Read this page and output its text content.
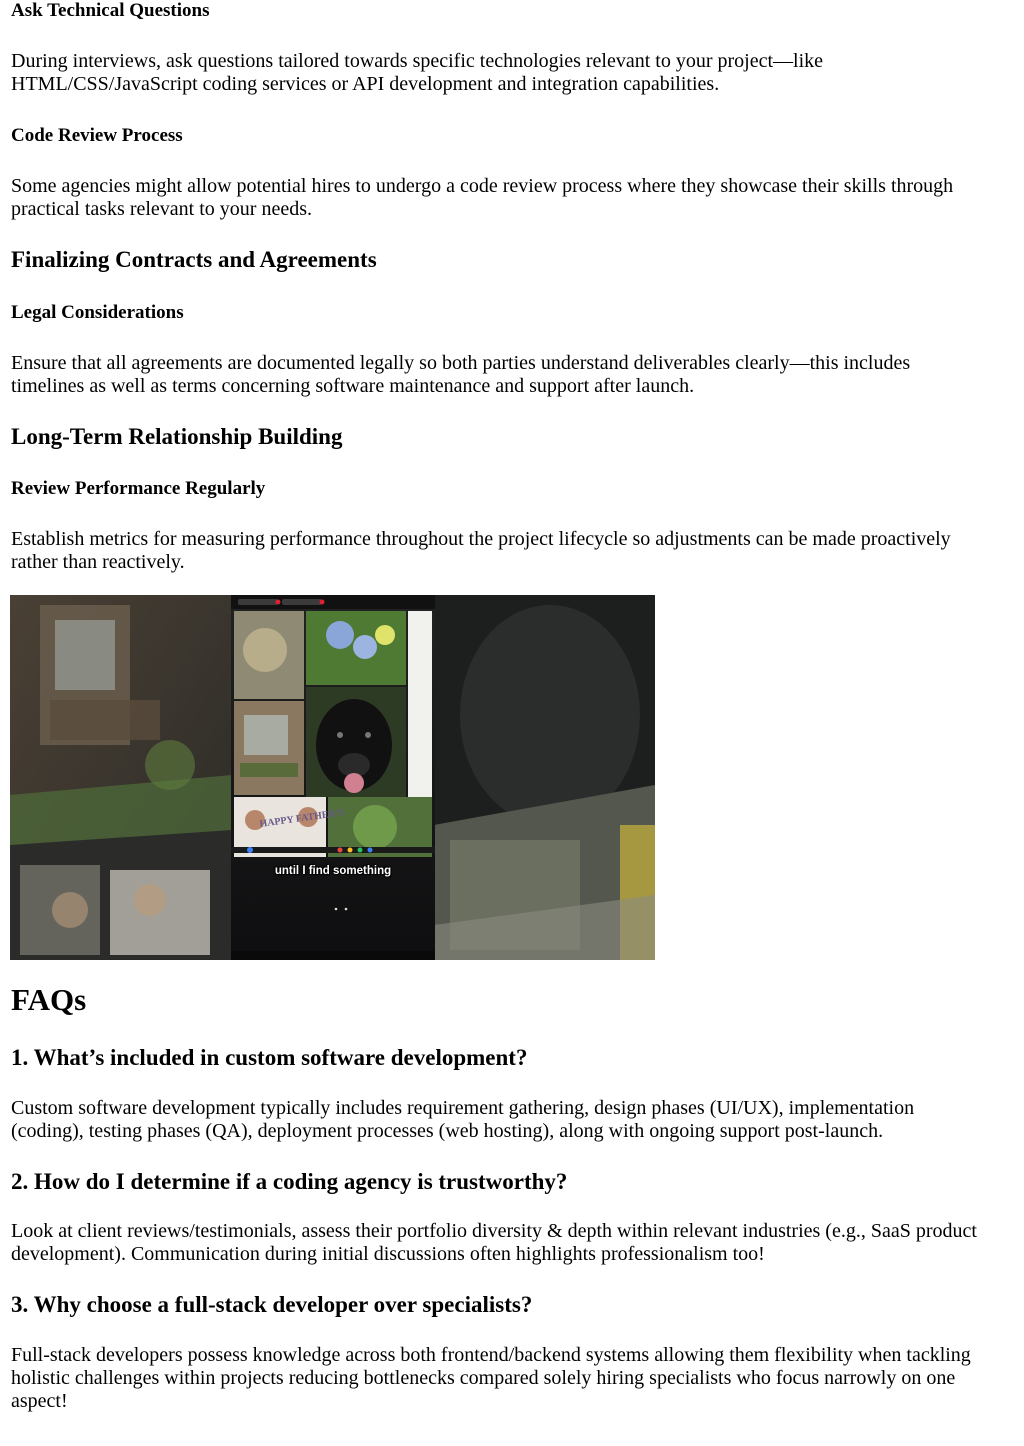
Ask Technical Questions

During interviews, ask questions tailored towards specific technologies relevant to your project—like
HTML/CSS/JavaScript coding services or API development and integration capabilities.

Code Review Process

Some agencies might allow potential hires to undergo a code review process where they showcase their skills through
practical tasks relevant to your needs.

Finalizing Contracts and Agreements
Legal Considerations

Ensure that all agreements are documented legally so both parties understand deliverables clearly—this includes
timelines as well as terms concerning software maintenance and support after launch.

Long-Term Relationship Building
Review Performance Regularly

Establish metrics for measuring performance throughout the project lifecycle so adjustments can be made proactively
rather than reactively.

HAPPY FATHER'S
until I find something
FAQs
1. What’s included in custom software development?

Custom software development typically includes requirement gathering, design phases (UI/UX), implementation
(coding), testing phases (QA), deployment processes (web hosting), along with ongoing support post-launch.

2. How do I determine if a coding agency is trustworthy?

Look at client reviews/testimonials, assess their portfolio diversity & depth within relevant industries (e.g., SaaS product
development). Communication during initial discussions often highlights professionalism too!

3. Why choose a full-stack developer over specialists?

Full-stack developers possess knowledge across both frontend/backend systems allowing them flexibility when tackling
holistic challenges within projects reducing bottlenecks compared solely hiring specialists who focus narrowly on one
aspect!
